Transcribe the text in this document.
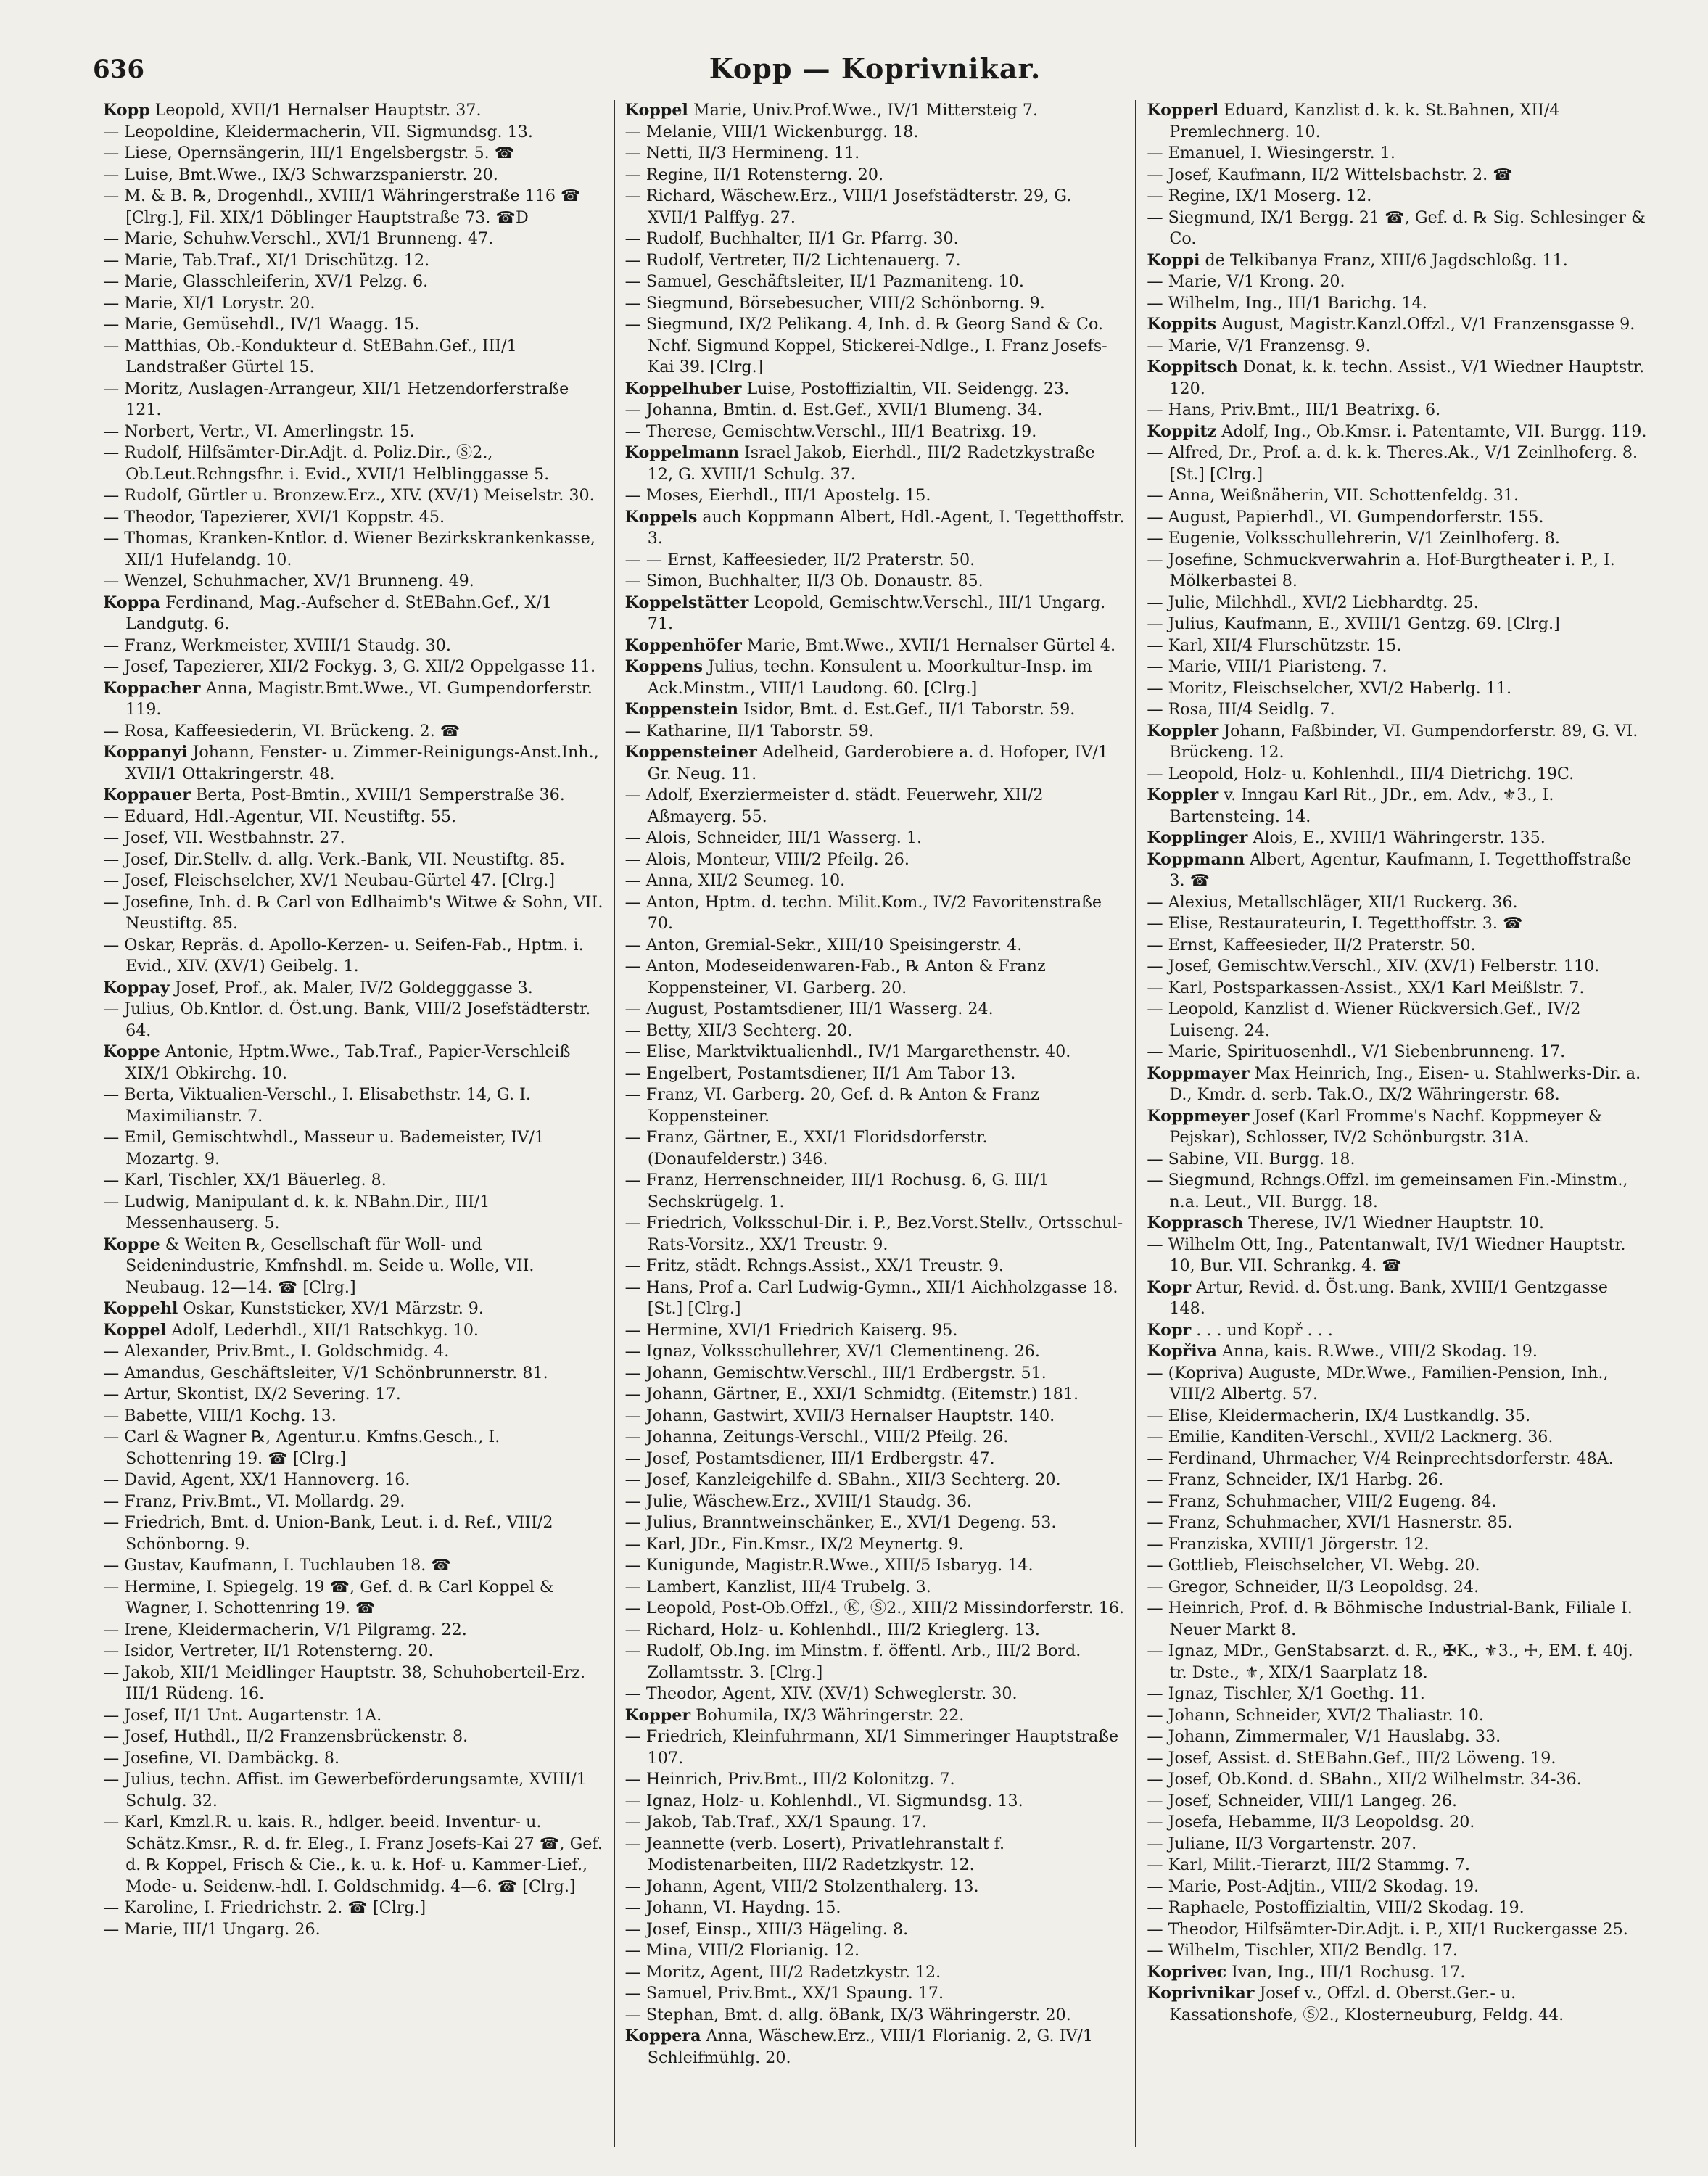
636	Kopp — Koprivnikar.
Kopp Leopold, XVII/1 Hernalser Hauptstr. 37.
— Leopoldine, Kleidermacherin, VII. Sigmundsg. 13.
— Liese, Opernsängerin, III/1 Engelsbergstr. 5. ☎
— Luise, Bmt.Wwe., IX/3 Schwarzspanierstr. 20.
— M. & B. ℞, Drogenhdl., XVIII/1 Währingerstraße 116 ☎ [Clrg.], Fil. XIX/1 Döblinger Hauptstraße 73. ☎D
— Marie, Schuhw.Verschl., XVI/1 Brunneng. 47.
— Marie, Tab.Traf., XI/1 Drischützg. 12.
— Marie, Glasschleiferin, XV/1 Pelzg. 6.
— Marie, XI/1 Lorystr. 20.
— Marie, Gemüsehdl., IV/1 Waagg. 15.
— Matthias, Ob.-Kondukteur d. StEBahn.Gef., III/1 Landstraßer Gürtel 15.
— Moritz, Auslagen-Arrangeur, XII/1 Hetzendorferstraße 121.
— Norbert, Vertr., VI. Amerlingstr. 15.
— Rudolf, Hilfsämter-Dir.Adjt. d. Poliz.Dir., Ⓢ2., Ob.Leut.Rchngsfhr. i. Evid., XVII/1 Helblinggasse 5.
— Rudolf, Gürtler u. Bronzew.Erz., XIV. (XV/1) Meiselstr. 30.
— Theodor, Tapezierer, XVI/1 Koppstr. 45.
— Thomas, Kranken-Kntlor. d. Wiener Bezirkskrankenkasse, XII/1 Hufelandg. 10.
— Wenzel, Schuhmacher, XV/1 Brunneng. 49.
Koppa Ferdinand, Mag.-Aufseher d. StEBahn.Gef., X/1 Landgutg. 6.
— Franz, Werkmeister, XVIII/1 Staudg. 30.
— Josef, Tapezierer, XII/2 Fockyg. 3, G. XII/2 Oppelgasse 11.
Koppacher Anna, Magistr.Bmt.Wwe., VI. Gumpendorferstr. 119.
— Rosa, Kaffeesiederin, VI. Brückeng. 2. ☎
Koppanyi Johann, Fenster- u. Zimmer-Reinigungs-Anst.Inh., XVII/1 Ottakringerstr. 48.
Koppauer Berta, Post-Bmtin., XVIII/1 Semperstraße 36.
— Eduard, Hdl.-Agentur, VII. Neustiftg. 55.
— Josef, VII. Westbahnstr. 27.
— Josef, Dir.Stellv. d. allg. Verk.-Bank, VII. Neustiftg. 85.
— Josef, Fleischselcher, XV/1 Neubau-Gürtel 47. [Clrg.]
— Josefine, Inh. d. ℞ Carl von Edlhaimb's Witwe & Sohn, VII. Neustiftg. 85.
— Oskar, Repräs. d. Apollo-Kerzen- u. Seifen-Fab., Hptm. i. Evid., XIV. (XV/1) Geibelg. 1.
Koppay Josef, Prof., ak. Maler, IV/2 Goldegggasse 3.
— Julius, Ob.Kntlor. d. Öst.ung. Bank, VIII/2 Josefstädterstr. 64.
Koppe Antonie, Hptm.Wwe., Tab.Traf., Papier-Verschleiß XIX/1 Obkirchg. 10.
— Berta, Viktualien-Verschl., I. Elisabethstr. 14, G. I. Maximilianstr. 7.
— Emil, Gemischtwhdl., Masseur u. Bademeister, IV/1 Mozartg. 9.
— Karl, Tischler, XX/1 Bäuerleg. 8.
— Ludwig, Manipulant d. k. k. NBahn.Dir., III/1 Messenhauserg. 5.
Koppe & Weiten ℞, Gesellschaft für Woll- und Seidenindustrie, Kmfnshdl. m. Seide u. Wolle, VII. Neubaug. 12—14. ☎ [Clrg.]
Koppehl Oskar, Kunststicker, XV/1 Märzstr. 9.
Koppel Adolf, Lederhdl., XII/1 Ratschkyg. 10.
— Alexander, Priv.Bmt., I. Goldschmidg. 4.
— Amandus, Geschäftsleiter, V/1 Schönbrunnerstr. 81.
— Artur, Skontist, IX/2 Severing. 17.
— Babette, VIII/1 Kochg. 13.
— Carl & Wagner ℞, Agentur.u. Kmfns.Gesch., I. Schottenring 19. ☎ [Clrg.]
— David, Agent, XX/1 Hannoverg. 16.
— Franz, Priv.Bmt., VI. Mollardg. 29.
— Friedrich, Bmt. d. Union-Bank, Leut. i. d. Ref., VIII/2 Schönborng. 9.
— Gustav, Kaufmann, I. Tuchlauben 18. ☎
— Hermine, I. Spiegelg. 19 ☎, Gef. d. ℞ Carl Koppel & Wagner, I. Schottenring 19. ☎
— Irene, Kleidermacherin, V/1 Pilgramg. 22.
— Isidor, Vertreter, II/1 Rotensterng. 20.
— Jakob, XII/1 Meidlinger Hauptstr. 38, Schuhoberteil-Erz. III/1 Rüdeng. 16.
— Josef, II/1 Unt. Augartenstr. 1A.
— Josef, Huthdl., II/2 Franzensbrückenstr. 8.
— Josefine, VI. Dambäckg. 8.
— Julius, techn. Affist. im Gewerbeförderungsamte, XVIII/1 Schulg. 32.
— Karl, Kmzl.R. u. kais. R., hdlger. beeid. Inventur- u. Schätz.Kmsr., R. d. fr. Eleg., I. Franz Josefs-Kai 27 ☎, Gef. d. ℞ Koppel, Frisch & Cie., k. u. k. Hof- u. Kammer-Lief., Mode- u. Seidenw.-hdl. I. Goldschmidg. 4—6. ☎ [Clrg.]
— Karoline, I. Friedrichstr. 2. ☎ [Clrg.]
— Marie, III/1 Ungarg. 26.
Koppel Marie, Univ.Prof.Wwe., IV/1 Mittersteig 7.
— Melanie, VIII/1 Wickenburgg. 18.
— Netti, II/3 Hermineng. 11.
— Regine, II/1 Rotensterng. 20.
— Richard, Wäschew.Erz., VIII/1 Josefstädterstr. 29, G. XVII/1 Palffyg. 27.
— Rudolf, Buchhalter, II/1 Gr. Pfarrg. 30.
— Rudolf, Vertreter, II/2 Lichtenauerg. 7.
— Samuel, Geschäftsleiter, II/1 Pazmaniteng. 10.
— Siegmund, Börsebesucher, VIII/2 Schönborng. 9.
— Siegmund, IX/2 Pelikang. 4, Inh. d. ℞ Georg Sand & Co. Nchf. Sigmund Koppel, Stickerei-Ndlge., I. Franz Josefs-Kai 39. [Clrg.]
Koppelhuber Luise, Postoffizialtin, VII. Seidengg. 23.
— Johanna, Bmtin. d. Est.Gef., XVII/1 Blumeng. 34.
— Therese, Gemischtw.Verschl., III/1 Beatrixg. 19.
Koppelmann Israel Jakob, Eierhdl., III/2 Radetzkystraße 12, G. XVIII/1 Schulg. 37.
— Moses, Eierhdl., III/1 Apostelg. 15.
Koppels auch Koppmann Albert, Hdl.-Agent, I. Tegetthoffstr. 3.
— — Ernst, Kaffeesieder, II/2 Praterstr. 50.
— Simon, Buchhalter, II/3 Ob. Donaustr. 85.
Koppelstätter Leopold, Gemischtw.Verschl., III/1 Ungarg. 71.
Koppenhöfer Marie, Bmt.Wwe., XVII/1 Hernalser Gürtel 4.
Koppens Julius, techn. Konsulent u. Moorkultur-Insp. im Ack.Minstm., VIII/1 Laudong. 60. [Clrg.]
Koppenstein Isidor, Bmt. d. Est.Gef., II/1 Taborstr. 59.
— Katharine, II/1 Taborstr. 59.
Koppensteiner Adelheid, Garderobiere a. d. Hofoper, IV/1 Gr. Neug. 11.
— Adolf, Exerziermeister d. städt. Feuerwehr, XII/2 Aßmayerg. 55.
— Alois, Schneider, III/1 Wasserg. 1.
— Alois, Monteur, VIII/2 Pfeilg. 26.
— Anna, XII/2 Seumeg. 10.
— Anton, Hptm. d. techn. Milit.Kom., IV/2 Favoritenstraße 70.
— Anton, Gremial-Sekr., XIII/10 Speisingerstr. 4.
— Anton, Modeseidenwaren-Fab., ℞ Anton & Franz Koppensteiner, VI. Garberg. 20.
— August, Postamtsdiener, III/1 Wasserg. 24.
— Betty, XII/3 Sechterg. 20.
— Elise, Marktviktualienhdl., IV/1 Margarethenstr. 40.
— Engelbert, Postamtsdiener, II/1 Am Tabor 13.
— Franz, VI. Garberg. 20, Gef. d. ℞ Anton & Franz Koppensteiner.
— Franz, Gärtner, E., XXI/1 Floridsdorferstr. (Donaufelderstr.) 346.
— Franz, Herrenschneider, III/1 Rochusg. 6, G. III/1 Sechskrügelg. 1.
— Friedrich, Volksschul-Dir. i. P., Bez.Vorst.Stellv., Ortsschul-Rats-Vorsitz., XX/1 Treustr. 9.
— Fritz, städt. Rchngs.Assist., XX/1 Treustr. 9.
— Hans, Prof a. Carl Ludwig-Gymn., XII/1 Aichholzgasse 18. [St.] [Clrg.]
— Hermine, XVI/1 Friedrich Kaiserg. 95.
— Ignaz, Volksschullehrer, XV/1 Clementineng. 26.
— Johann, Gemischtw.Verschl., III/1 Erdbergstr. 51.
— Johann, Gärtner, E., XXI/1 Schmidtg. (Eitemstr.) 181.
— Johann, Gastwirt, XVII/3 Hernalser Hauptstr. 140.
— Johanna, Zeitungs-Verschl., VIII/2 Pfeilg. 26.
— Josef, Postamtsdiener, III/1 Erdbergstr. 47.
— Josef, Kanzleigehilfe d. SBahn., XII/3 Sechterg. 20.
— Julie, Wäschew.Erz., XVIII/1 Staudg. 36.
— Julius, Branntweinschänker, E., XVI/1 Degeng. 53.
— Karl, JDr., Fin.Kmsr., IX/2 Meynertg. 9.
— Kunigunde, Magistr.R.Wwe., XIII/5 Isbaryg. 14.
— Lambert, Kanzlist, III/4 Trubelg. 3.
— Leopold, Post-Ob.Offzl., Ⓚ, Ⓢ2., XIII/2 Missindorferstr. 16.
— Richard, Holz- u. Kohlenhdl., III/2 Krieglerg. 13.
— Rudolf, Ob.Ing. im Minstm. f. öffentl. Arb., III/2 Bord. Zollamtsstr. 3. [Clrg.]
— Theodor, Agent, XIV. (XV/1) Schweglerstr. 30.
Kopper Bohumila, IX/3 Währingerstr. 22.
— Friedrich, Kleinfuhrmann, XI/1 Simmeringer Hauptstraße 107.
— Heinrich, Priv.Bmt., III/2 Kolonitzg. 7.
— Ignaz, Holz- u. Kohlenhdl., VI. Sigmundsg. 13.
— Jakob, Tab.Traf., XX/1 Spaung. 17.
— Jeannette (verb. Losert), Privatlehranstalt f. Modistenarbeiten, III/2 Radetzkystr. 12.
— Johann, Agent, VIII/2 Stolzenthalerg. 13.
— Johann, VI. Haydng. 15.
— Josef, Einsp., XIII/3 Hägeling. 8.
— Mina, VIII/2 Florianig. 12.
— Moritz, Agent, III/2 Radetzkystr. 12.
— Samuel, Priv.Bmt., XX/1 Spaung. 17.
— Stephan, Bmt. d. allg. öBank, IX/3 Währingerstr. 20.
Koppera Anna, Wäschew.Erz., VIII/1 Florianig. 2, G. IV/1 Schleifmühlg. 20.
Kopperl Eduard, Kanzlist d. k. k. St.Bahnen, XII/4 Premlechnerg. 10.
— Emanuel, I. Wiesingerstr. 1.
— Josef, Kaufmann, II/2 Wittelsbachstr. 2. ☎
— Regine, IX/1 Moserg. 12.
— Siegmund, IX/1 Bergg. 21 ☎, Gef. d. ℞ Sig. Schlesinger & Co.
Koppi de Telkibanya Franz, XIII/6 Jagdschloßg. 11.
— Marie, V/1 Krong. 20.
— Wilhelm, Ing., III/1 Barichg. 14.
Koppits August, Magistr.Kanzl.Offzl., V/1 Franzensgasse 9.
— Marie, V/1 Franzensg. 9.
Koppitsch Donat, k. k. techn. Assist., V/1 Wiedner Hauptstr. 120.
— Hans, Priv.Bmt., III/1 Beatrixg. 6.
Koppitz Adolf, Ing., Ob.Kmsr. i. Patentamte, VII. Burgg. 119.
— Alfred, Dr., Prof. a. d. k. k. Theres.Ak., V/1 Zeinlhoferg. 8. [St.] [Clrg.]
— Anna, Weißnäherin, VII. Schottenfeldg. 31.
— August, Papierhdl., VI. Gumpendorferstr. 155.
— Eugenie, Volksschullehrerin, V/1 Zeinlhoferg. 8.
— Josefine, Schmuckverwahrin a. Hof-Burgtheater i. P., I. Mölkerbastei 8.
— Julie, Milchhdl., XVI/2 Liebhardtg. 25.
— Julius, Kaufmann, E., XVIII/1 Gentzg. 69. [Clrg.]
— Karl, XII/4 Flurschützstr. 15.
— Marie, VIII/1 Piaristeng. 7.
— Moritz, Fleischselcher, XVI/2 Haberlg. 11.
— Rosa, III/4 Seidlg. 7.
Koppler Johann, Faßbinder, VI. Gumpendorferstr. 89, G. VI. Brückeng. 12.
— Leopold, Holz- u. Kohlenhdl., III/4 Dietrichg. 19C.
Koppler v. Inngau Karl Rit., JDr., em. Adv., ⚜3., I. Bartensteing. 14.
Kopplinger Alois, E., XVIII/1 Währingerstr. 135.
Koppmann Albert, Agentur, Kaufmann, I. Tegetthoffstraße 3. ☎
— Alexius, Metallschläger, XII/1 Ruckerg. 36.
— Elise, Restaurateurin, I. Tegetthoffstr. 3. ☎
— Ernst, Kaffeesieder, II/2 Praterstr. 50.
— Josef, Gemischtw.Verschl., XIV. (XV/1) Felberstr. 110.
— Karl, Postsparkassen-Assist., XX/1 Karl Meißlstr. 7.
— Leopold, Kanzlist d. Wiener Rückversich.Gef., IV/2 Luiseng. 24.
— Marie, Spirituosenhdl., V/1 Siebenbrunneng. 17.
Koppmayer Max Heinrich, Ing., Eisen- u. Stahlwerks-Dir. a. D., Kmdr. d. serb. Tak.O., IX/2 Währingerstr. 68.
Koppmeyer Josef (Karl Fromme's Nachf. Koppmeyer & Pejskar), Schlosser, IV/2 Schönburgstr. 31A.
— Sabine, VII. Burgg. 18.
— Siegmund, Rchngs.Offzl. im gemeinsamen Fin.-Minstm., n.a. Leut., VII. Burgg. 18.
Kopprasch Therese, IV/1 Wiedner Hauptstr. 10.
— Wilhelm Ott, Ing., Patentanwalt, IV/1 Wiedner Hauptstr. 10, Bur. VII. Schrankg. 4. ☎
Kopr Artur, Revid. d. Öst.ung. Bank, XVIII/1 Gentzgasse 148.
Kopr . . . und Kopř . . .
Kopřiva Anna, kais. R.Wwe., VIII/2 Skodag. 19.
— (Kopriva) Auguste, MDr.Wwe., Familien-Pension, Inh., VIII/2 Albertg. 57.
— Elise, Kleidermacherin, IX/4 Lustkandlg. 35.
— Emilie, Kanditen-Verschl., XVII/2 Lacknerg. 36.
— Ferdinand, Uhrmacher, V/4 Reinprechtsdorferstr. 48A.
— Franz, Schneider, IX/1 Harbg. 26.
— Franz, Schuhmacher, VIII/2 Eugeng. 84.
— Franz, Schuhmacher, XVI/1 Hasnerstr. 85.
— Franziska, XVIII/1 Jörgerstr. 12.
— Gottlieb, Fleischselcher, VI. Webg. 20.
— Gregor, Schneider, II/3 Leopoldsg. 24.
— Heinrich, Prof. d. ℞ Böhmische Industrial-Bank, Filiale I. Neuer Markt 8.
— Ignaz, MDr., GenStabsarzt. d. R., ✠K., ⚜3., ☩, EM. f. 40j. tr. Dste., ⚜, XIX/1 Saarplatz 18.
— Ignaz, Tischler, X/1 Goethg. 11.
— Johann, Schneider, XVI/2 Thaliastr. 10.
— Johann, Zimmermaler, V/1 Hauslabg. 33.
— Josef, Assist. d. StEBahn.Gef., III/2 Löweng. 19.
— Josef, Ob.Kond. d. SBahn., XII/2 Wilhelmstr. 34-36.
— Josef, Schneider, VIII/1 Langeg. 26.
— Josefa, Hebamme, II/3 Leopoldsg. 20.
— Juliane, II/3 Vorgartenstr. 207.
— Karl, Milit.-Tierarzt, III/2 Stammg. 7.
— Marie, Post-Adjtin., VIII/2 Skodag. 19.
— Raphaele, Postoffizialtin, VIII/2 Skodag. 19.
— Theodor, Hilfsämter-Dir.Adjt. i. P., XII/1 Ruckergasse 25.
— Wilhelm, Tischler, XII/2 Bendlg. 17.
Koprivec Ivan, Ing., III/1 Rochusg. 17.
Koprivnikar Josef v., Offzl. d. Oberst.Ger.- u. Kassationshofe, Ⓢ2., Klosterneuburg, Feldg. 44.
